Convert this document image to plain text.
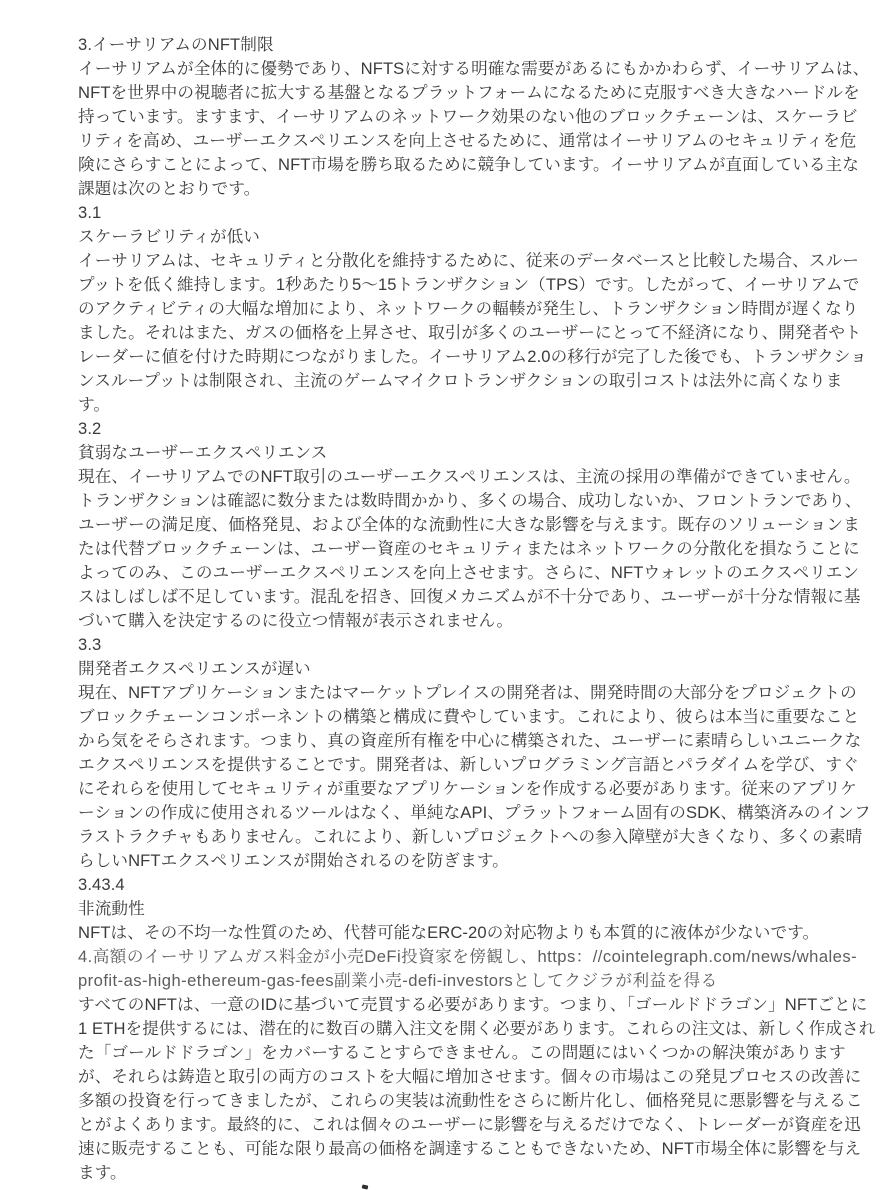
3.イーサリアムのNFT制限
イーサリアムが全体的に優勢であり、NFTSに対する明確な需要があるにもかかわらず、イーサリアムは、
NFTを世界中の視聴者に拡大する基盤となるプラットフォームになるために克服すべき大きなハードルを
持っています。ますます、イーサリアムのネットワーク効果のない他のブロックチェーンは、スケーラビ
リティを高め、ユーザーエクスペリエンスを向上させるために、通常はイーサリアムのセキュリティを危
険にさらすことによって、NFT市場を勝ち取るために競争しています。イーサリアムが直面している主な
課題は次のとおりです。
3.1
スケーラビリティが低い
イーサリアムは、セキュリティと分散化を維持するために、従来のデータベースと比較した場合、スルー
プットを低く維持します。1秒あたり5〜15トランザクション（TPS）です。したがって、イーサリアムで
のアクティビティの大幅な増加により、ネットワークの輻輳が発生し、トランザクション時間が遅くなり
ました。それはまた、ガスの価格を上昇させ、取引が多くのユーザーにとって不経済になり、開発者やト
レーダーに値を付けた時期につながりました。イーサリアム2.0の移行が完了した後でも、トランザクショ
ンスループットは制限され、主流のゲームマイクロトランザクションの取引コストは法外に高くなりま
す。
3.2
貧弱なユーザーエクスペリエンス
現在、イーサリアムでのNFT取引のユーザーエクスペリエンスは、主流の採用の準備ができていません。
トランザクションは確認に数分または数時間かかり、多くの場合、成功しないか、フロントランであり、
ユーザーの満足度、価格発見、および全体的な流動性に大きな影響を与えます。既存のソリューションま
たは代替ブロックチェーンは、ユーザー資産のセキュリティまたはネットワークの分散化を損なうことに
よってのみ、このユーザーエクスペリエンスを向上させます。さらに、NFTウォレットのエクスペリエン
スはしばしば不足しています。混乱を招き、回復メカニズムが不十分であり、ユーザーが十分な情報に基
づいて購入を決定するのに役立つ情報が表示されません。
3.3
開発者エクスペリエンスが遅い
現在、NFTアプリケーションまたはマーケットプレイスの開発者は、開発時間の大部分をプロジェクトの
ブロックチェーンコンポーネントの構築と構成に費やしています。これにより、彼らは本当に重要なこと
から気をそらされます。つまり、真の資産所有権を中心に構築された、ユーザーに素晴らしいユニークな
エクスペリエンスを提供することです。開発者は、新しいプログラミング言語とパラダイムを学び、すぐ
にそれらを使用してセキュリティが重要なアプリケーションを作成する必要があります。従来のアプリケ
ーションの作成に使用されるツールはなく、単純なAPI、プラットフォーム固有のSDK、構築済みのインフ
ラストラクチャもありません。これにより、新しいプロジェクトへの参入障壁が大きくなり、多くの素晴
らしいNFTエクスペリエンスが開始されるのを防ぎます。
3.43.4
非流動性
NFTは、その不均一な性質のため、代替可能なERC-20の対応物よりも本質的に液体が少ないです。
4.高額のイーサリアムガス料金が小売DeFi投資家を傍観し、https：//cointelegraph.com/news/whales-
profit-as-high-ethereum-gas-fees副業小売-defi-investorsとしてクジラが利益を得る
すべてのNFTは、一意のIDに基づいて売買する必要があります。つまり、「ゴールドドラゴン」NFTごとに
1 ETHを提供するには、潜在的に数百の購入注文を開く必要があります。これらの注文は、新しく作成され
た「ゴールドドラゴン」をカバーすることすらできません。この問題にはいくつかの解決策があります
が、それらは鋳造と取引の両方のコストを大幅に増加させます。個々の市場はこの発見プロセスの改善に
多額の投資を行ってきましたが、これらの実装は流動性をさらに断片化し、価格発見に悪影響を与えるこ
とがよくあります。最終的に、これは個々のユーザーに影響を与えるだけでなく、トレーダーが資産を迅
速に販売することも、可能な限り最高の価格を調達することもできないため、NFT市場全体に影響を与え
ます。
